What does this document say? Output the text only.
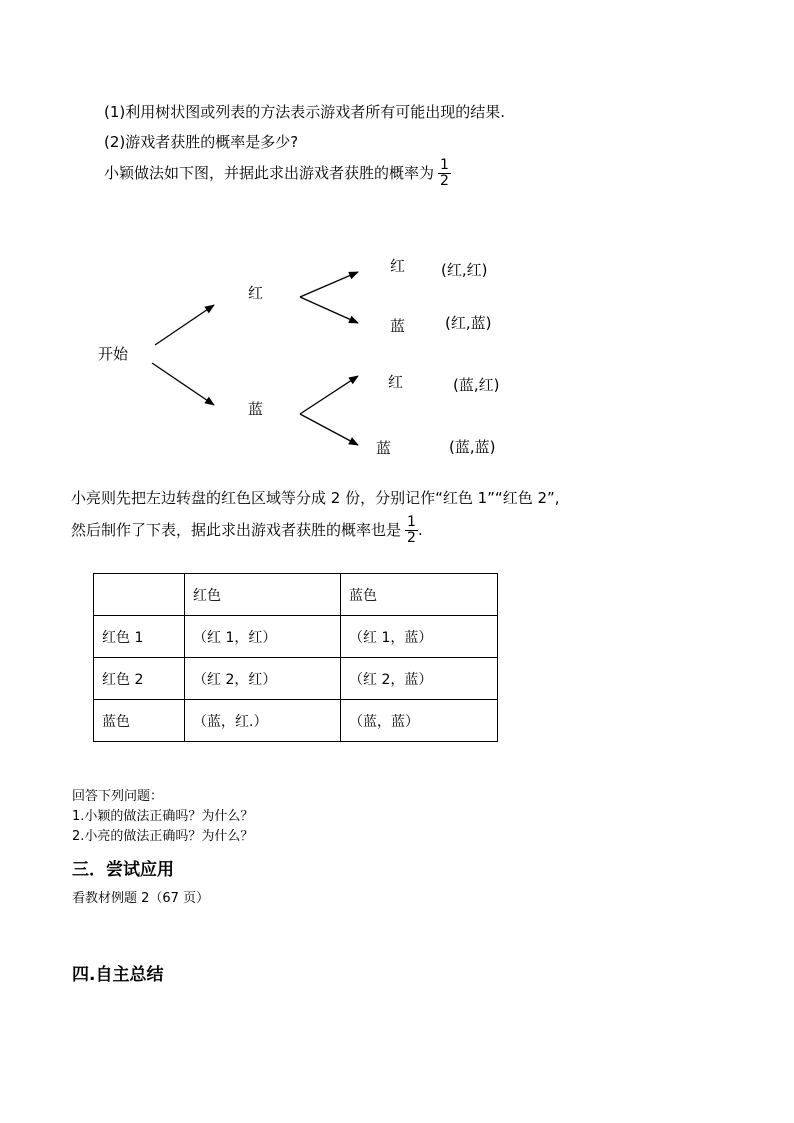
(1)利用树状图或列表的方法表示游戏者所有可能出现的结果.
(2)游戏者获胜的概率是多少?
小颖做法如下图，并据此求出游戏者获胜的概率为 $\frac{1}{2}$
开始
红
蓝
红
蓝
红
蓝
(红,红)
(红,蓝)
(蓝,红)
(蓝,蓝)
小亮则先把左边转盘的红色区域等分成 2 份，分别记作“红色 1”“红色 2”,
然后制作了下表，据此求出游戏者获胜的概率也是 $\frac{1}{2}$ .
	红色	蓝色
红色 1	（红 1，红）	（红 1，蓝）
红色 2	（红 2，红）	（红 2，蓝）
蓝色	（蓝，红.）	（蓝，蓝）
回答下列问题：
1.小颖的做法正确吗？为什么？
2.小亮的做法正确吗？为什么？
三．尝试应用
看教材例题 2（67 页）
四.自主总结
